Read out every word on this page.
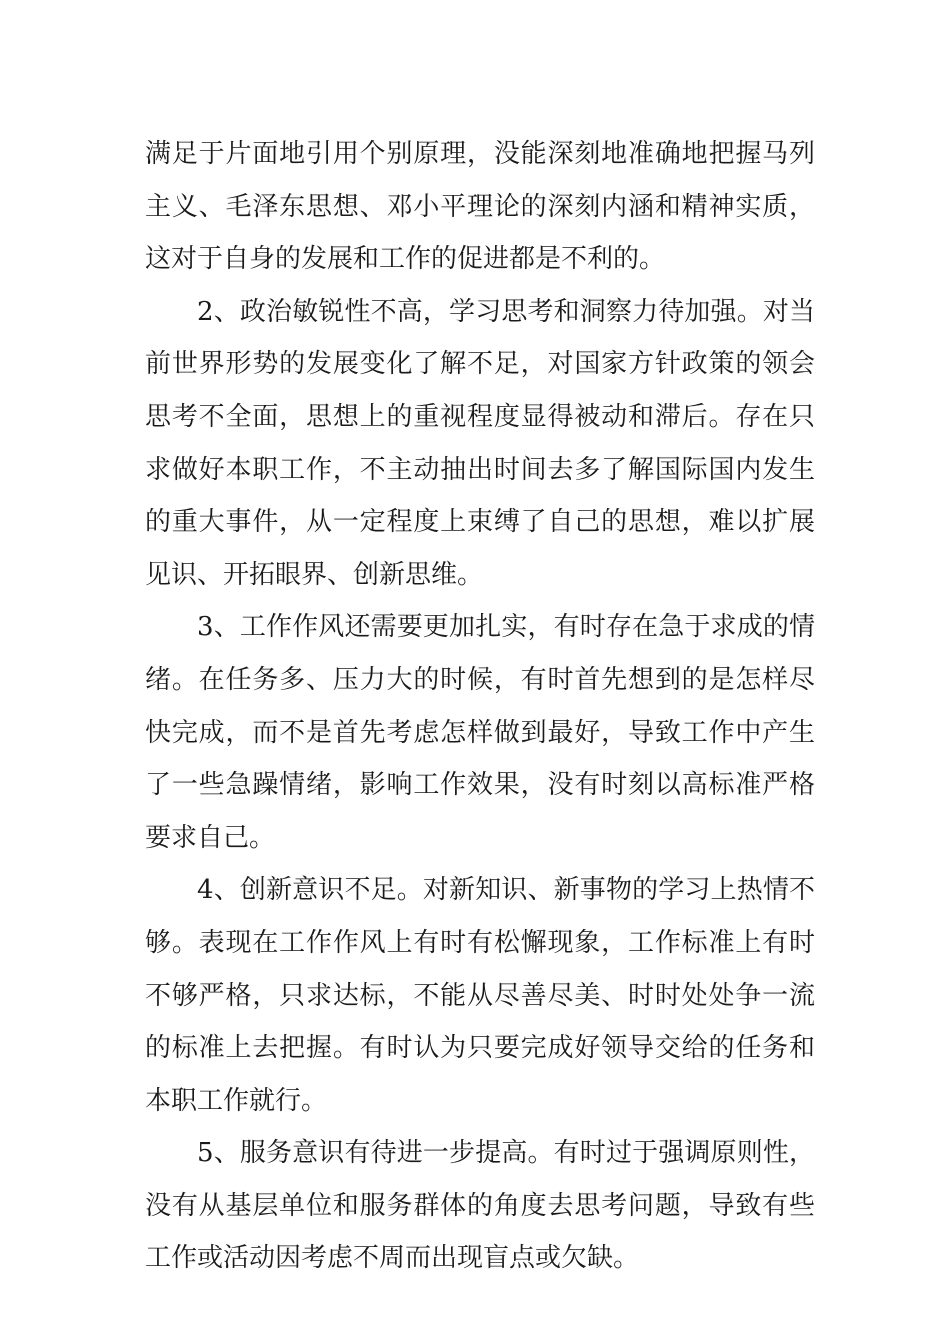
满足于片面地引用个别原理，没能深刻地准确地把握马列主义、毛泽东思想、邓小平理论的深刻内涵和精神实质，这对于自身的发展和工作的促进都是不利的。

2、政治敏锐性不高，学习思考和洞察力待加强。对当前世界形势的发展变化了解不足，对国家方针政策的领会思考不全面，思想上的重视程度显得被动和滞后。存在只求做好本职工作，不主动抽出时间去多了解国际国内发生的重大事件，从一定程度上束缚了自己的思想，难以扩展见识、开拓眼界、创新思维。

3、工作作风还需要更加扎实，有时存在急于求成的情绪。在任务多、压力大的时候，有时首先想到的是怎样尽快完成，而不是首先考虑怎样做到最好，导致工作中产生了一些急躁情绪，影响工作效果，没有时刻以高标准严格要求自己。

4、创新意识不足。对新知识、新事物的学习上热情不够。表现在工作作风上有时有松懈现象，工作标准上有时不够严格，只求达标，不能从尽善尽美、时时处处争一流的标准上去把握。有时认为只要完成好领导交给的任务和本职工作就行。

5、服务意识有待进一步提高。有时过于强调原则性，没有从基层单位和服务群体的角度去思考问题，导致有些工作或活动因考虑不周而出现盲点或欠缺。
